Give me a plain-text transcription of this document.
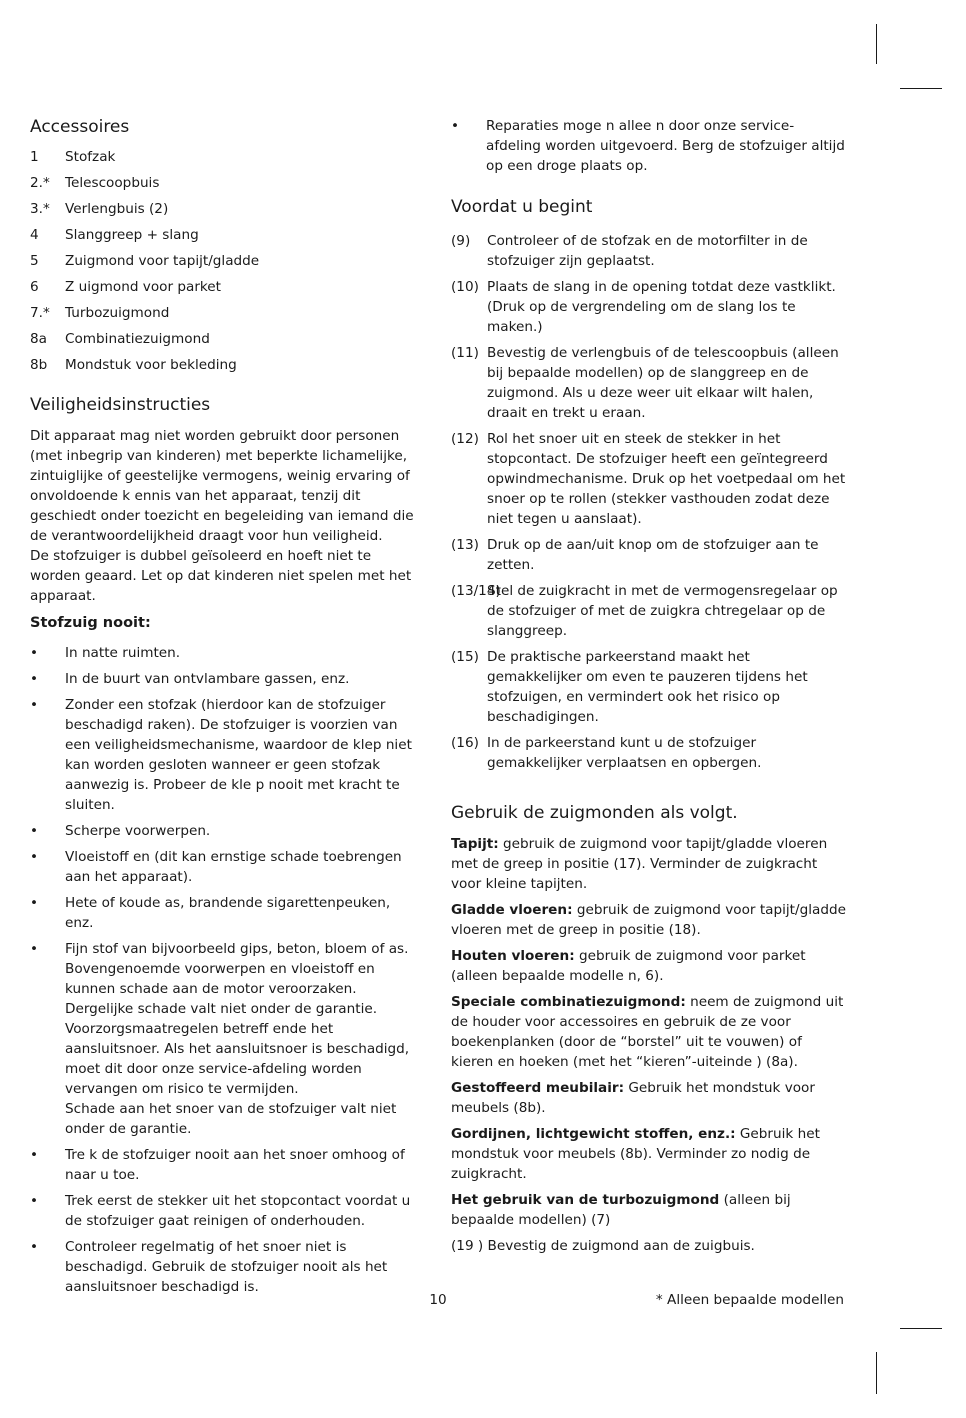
Accessoires
1 Stofzak
2.* Telescoopbuis
3.* Verlengbuis (2)
4 Slanggreep + slang
5 Zuigmond voor tapijt/gladde
6 Z uigmond voor parket
7.* Turbozuigmond
8a Combinatiezuigmond
8b Mondstuk voor bekleding
Veiligheidsinstructies

Dit apparaat mag niet worden gebruikt door personen (met inbegrip van kinderen) met beperkte lichamelijke, zintuiglijke of geestelijke vermogens, weinig ervaring of onvoldoende k ennis van het apparaat, tenzij dit geschiedt onder toezicht en begeleiding van iemand die de verantwoordelijkheid draagt voor hun veiligheid.

De stofzuiger is dubbel geïsoleerd en hoeft niet te worden geaard. Let op dat kinderen niet spelen met het apparaat.

Stofzuig nooit:
• In natte ruimten.
• In de buurt van ontvlambare gassen, enz.
• Zonder een stofzak (hierdoor kan de stofzuiger beschadigd raken). De stofzuiger is voorzien van een veiligheidsmechanisme, waardoor de klep niet kan worden gesloten wanneer er geen stofzak aanwezig is. Probeer de kle p nooit met kracht te sluiten.
• Scherpe voorwerpen.
• Vloeistoff en (dit kan ernstige schade toebrengen aan het apparaat).
• Hete of koude as, brandende sigarettenpeuken, enz.
• Fijn stof van bijvoorbeeld gips, beton, bloem of as. Bovengenoemde voorwerpen en vloeistoff en kunnen schade aan de motor veroorzaken. Dergelijke schade valt niet onder de garantie. Voorzorgsmaatregelen betreff ende het aansluitsnoer. Als het aansluitsnoer is beschadigd, moet dit door onze service-afdeling worden vervangen om risico te vermijden.
Schade aan het snoer van de stofzuiger valt niet onder de garantie.
• Tre k de stofzuiger nooit aan het snoer omhoog of naar u toe.
• Trek eerst de stekker uit het stopcontact voordat u de stofzuiger gaat reinigen of onderhouden.
• Controleer regelmatig of het snoer niet is beschadigd. Gebruik de stofzuiger nooit als het aansluitsnoer beschadigd is.
• Reparaties moge n allee n door onze service-afdeling worden uitgevoerd. Berg de stofzuiger altijd op een droge plaats op.
Voordat u begint
(9) Controleer of de stofzak en de motorfilter in de stofzuiger zijn geplaatst.
(10) Plaats de slang in de opening totdat deze vastklikt. (Druk op de vergrendeling om de slang los te maken.)
(11) Bevestig de verlengbuis of de telescoopbuis (alleen bij bepaalde modellen) op de slanggreep en de zuigmond. Als u deze weer uit elkaar wilt halen, draait en trekt u eraan.
(12) Rol het snoer uit en steek de stekker in het stopcontact. De stofzuiger heeft een geïntegreerd opwindmechanisme. Druk op het voetpedaal om het snoer op te rollen (stekker vasthouden zodat deze niet tegen u aanslaat).
(13) Druk op de aan/uit knop om de stofzuiger aan te zetten.
(13/14)
Stel de zuigkracht in met de vermogensregelaar op de stofzuiger of met de zuigkra chtregelaar op de slanggreep.
(15) De praktische parkeerstand maakt het gemakkelijker om even te pauzeren tijdens het stofzuigen, en vermindert ook het risico op beschadigingen.
(16) In de parkeerstand kunt u de stofzuiger gemakkelijker verplaatsen en opbergen.
Gebruik de zuigmonden als volgt.

Tapijt: gebruik de zuigmond voor tapijt/gladde vloeren met de greep in positie (17). Verminder de zuigkracht voor kleine tapijten.

Gladde vloeren: gebruik de zuigmond voor tapijt/gladde vloeren met de greep in positie (18).

Houten vloeren: gebruik de zuigmond voor parket (alleen bepaalde modelle n, 6).

Speciale combinatiezuigmond: neem de zuigmond uit de houder voor accessoires en gebruik de ze voor boekenplanken (door de “borstel” uit te vouwen) of kieren en hoeken (met het “kieren”-uiteinde ) (8a).

Gestoffeerd meubilair: Gebruik het mondstuk voor meubels (8b).

Gordijnen, lichtgewicht stoffen, enz.: Gebruik het mondstuk voor meubels (8b). Verminder zo nodig de zuigkracht.

Het gebruik van de turbozuigmond (alleen bij bepaalde modellen) (7)

(19 ) Bevestig de zuigmond aan de zuigbuis.

10	* Alleen bepaalde modellen
